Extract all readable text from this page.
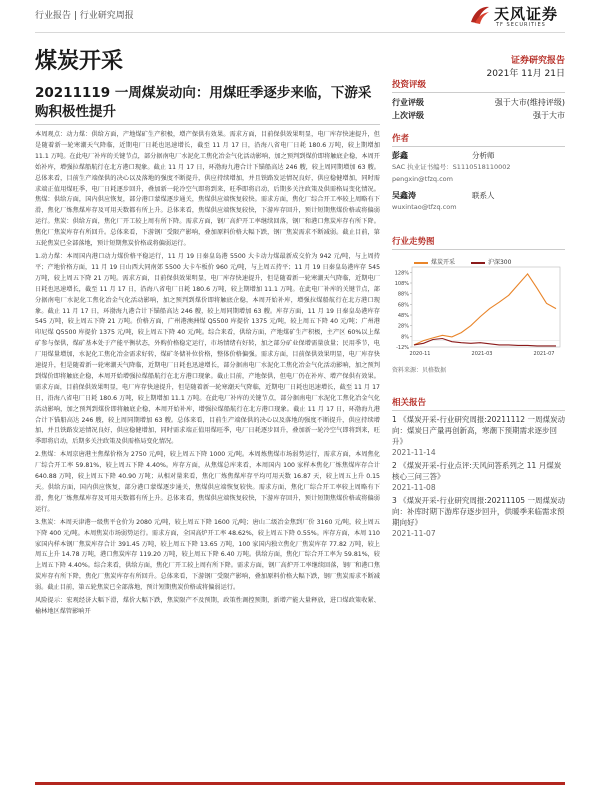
行业报告 | 行业研究周报	天风证券
TF SECURITIES
煤炭开采	证券研究报告
2021年 11月 21日
20211119 一周煤炭动向：用煤旺季逐步来临，下游采购积极性提升

本周观点：动力煤：供给方面，产地煤矿生产积极，增产保供有效果。需求方面，目前保供效果明显，电厂库存快速提升，但是随着新一轮寒潮天气降临，近期电厂日耗也迅速增长，截至 11 月 17 日，沿海八省电厂日耗 180.6 万吨，较上期增加 11.1 万吨。在此电厂补库的关键节点，部分据南电厂水泥化工焦化冶金气化活动影响，加之预判到煤价即将触底企稳，本周开始补库，增强拉煤船航行在北方港口现象。截止 11 月 17 日，环渤海九港合计下锚船高达 246 艘，较上周同期增加 63 艘。总体来看，目前生产端保供的决心以及落地的强度不断提升，供应持续增加，并且铁路发运情况良好，供应稳健增加，同时需求端正值用煤旺季，电厂日耗逐步回升，叠加新一轮冷空气即将到来，旺季即将启动，后期多关注政策及供需格局变化情况。焦煤：供给方面，国内供应恢复，部分港口蒙煤逐步通关，焦煤供应端恢复较快。需求方面，焦化厂综合开工率较上周略有下滑，焦化厂炼焦煤库存及可用天数都有所上升。总体来看，焦煤供应端恢复较快，下游库存回升，预计短期焦煤价格或将偏弱运行。焦炭：供给方面，焦化厂开工较上周有所下降。需求方面，钢厂高炉开工率继续回落，钢厂和港口焦炭库存有所下降。焦化厂焦炭库存有所回升。总体来看，下游钢厂受限产影响，叠加原料价格大幅下跌，钢厂焦炭需求不断减弱。截止目前，第五轮焦炭已全部落地，预计短期焦炭价格或将偏弱运行。

1.动力煤：本周国内港口动力煤价格平稳运行，11 月 19 日秦皇岛港 5500 大卡动力煤最新成交价为 942 元/吨，与上周持平；产地价格方面，11 月 19 日山西大同南郊 5500 大卡车板价 960 元/吨，与上周五持平；11 月 19 日秦皇岛港库存 545 万吨，较上周五下降 21 万吨。需求方面，目前保供效果明显，电厂库存快速提升，但是随着新一轮寒潮天气降临，近期电厂日耗也迅速增长，截至 11 月 17 日，沿海八省电厂日耗 180.6 万吨，较上期增加 11.1 万吨。在此电厂补库的关键节点，部分据南电厂水泥化工焦化冶金气化活动影响，加之预判到煤价即将触底企稳，本周开始补库，增强拉煤船航行在北方港口现象。截止 11 月 17 日，环渤海九港合计下锚船高达 246 艘，较上周同期增加 63 艘。库存方面，11 月 19 日秦皇岛港库存 545 万吨，较上周五下降 21 万吨。价格方面，广州港澳洲煤 Q5500 库提价 1375 元/吨，较上周五下降 40 元/吨；广州港印尼煤 Q5500 库提价 1375 元/吨，较上周五下降 40 元/吨。综合来看，供给方面，产地煤矿生产积极，主产区 60%以上煤矿参与保供，煤矿基本处于产能平衡状态，外购价格稳定运行，市场情绪有好转，加之部分矿业保增需量放量；民用季节，电厂用煤量增加，水泥化工焦化冶金需求好转，煤矿冬储补位价格，整体价格偏强。需求方面，目前保供效果明显，电厂库存快速提升，但是随着新一轮寒潮天气降临，近期电厂日耗也迅速增长，部分据南电厂水泥化工焦化冶金气化活动影响，加之预判到煤价即将触底企稳，本周开始增强拉煤船航行在北方港口现象。截止目前，产地保供，但电厂仍在补库、增产保供有效果。需求方面，目前保供效果明显，电厂库存快速提升，但是随着新一轮寒潮天气降临，近期电厂日耗也迅速增长，截至 11 月 17 日，沿海八省电厂日耗 180.6 万吨，较上期增加 11.1 万吨。在此电厂补库的关键节点，部分据南电厂水泥化工焦化冶金气化活动影响，加之预判到煤价即将触底企稳，本周开始补库，增强拉煤船航行在北方港口现象。截止 11 月 17 日，环渤海九港合计下锚船高达 246 艘，较上周同期增加 63 艘。总体来看，目前生产端保供的决心以及落地的强度不断提升，供应持续增加，并且铁路发运情况良好，供应稳健增加，同时需求端正值用煤旺季，电厂日耗逐步回升，叠加新一轮冷空气即将到来，旺季即将启动，后期多关注政策及供需格局变化情况。

2.焦煤：本周京唐港主焦煤价格为 2750 元/吨，较上周五下降 1000 元/吨。本周炼焦煤市场弱势运行，需求方面，本周焦化厂综合开工率 59.81%，较上周五下降 4.40%。库存方面，从焦煤总库来看，本周国内 100 家样本焦化厂炼焦煤库存合计 640.88 万吨，较上周五下降 40.90 万吨；从相对量来看，焦化厂炼焦煤库存平均可用天数 16.87 天，较上周五上升 0.15 天。供给方面，国内供应恢复，部分港口蒙煤逐步通关，焦煤供应端恢复较快。需求方面，焦化厂综合开工率较上周略有下滑，焦化厂炼焦煤库存及可用天数都有所上升。总体来看，焦煤供应端恢复较快，下游库存回升，预计短期焦煤价格或将偏弱运行。

3.焦炭：本周天津港一级焦平仓价为 2080 元/吨，较上周五下降 1600 元/吨；唐山二级冶金焦到厂价 3160 元/吨，较上周五下降 400 元/吨。本周焦炭市场弱势运行。需求方面，全国高炉开工率 48.62%，较上周五下降 0.55%。库存方面，本周 110 家国内样本钢厂焦炭库存合计 391.45 万吨，较上周五下降 13.65 万吨，100 家国内独立焦化厂焦炭库存 77.82 万吨，较上周五上升 14.78 万吨，港口焦炭库存 119.20 万吨，较上周五下降 6.40 万吨。供给方面，焦化厂综合开工率为 59.81%，较上周五下降 4.40%。综合来看，供给方面，焦化厂开工较上周有所下降。需求方面，钢厂高炉开工率继续回落，钢厂和港口焦炭库存有所下降，焦化厂焦炭库存有所回升。总体来看，下游钢厂受限产影响，叠加原料价格大幅下跌，钢厂焦炭需求不断减弱。截止目前，第五轮焦炭已全部落地，预计短期焦炭价格或将偏弱运行。

风险提示：宏观经济大幅下滑，煤价大幅下跌，焦炭限产不及预期，政策性调控预期，新增产能大量释放，进口煤政策收紧、榆林地区煤管影响开

投资评级
行业评级	强于大市(维持评级)
上次评级	强于大市
作者
彭鑫	分析师
SAC 执业证书编号：S1110518110002
pengxin@tfzq.com
吴鑫涛	联系人
wuxintao@tfzq.com
行业走势图
-12%
8%
28%
48%
68%
88%
108%
128%
2020-11	2021-03	2021-07
煤炭开采	沪深300
资料来源：贝格数据
相关报告
1 《煤炭开采-行业研究周报:20211112 一周煤炭动向：煤炭日产量再创新高，寒潮下预期需求逐步回升》
2021-11-14
2 《煤炭开采-行业点评:天风问答系列之 11 月煤炭核心三问三答》
2021-11-08
3 《煤炭开采-行业研究周报:20211105 一周煤炭动向：补库时期下游库存逐步回升，供暖季来临需求预期向好》
2021-11-07
